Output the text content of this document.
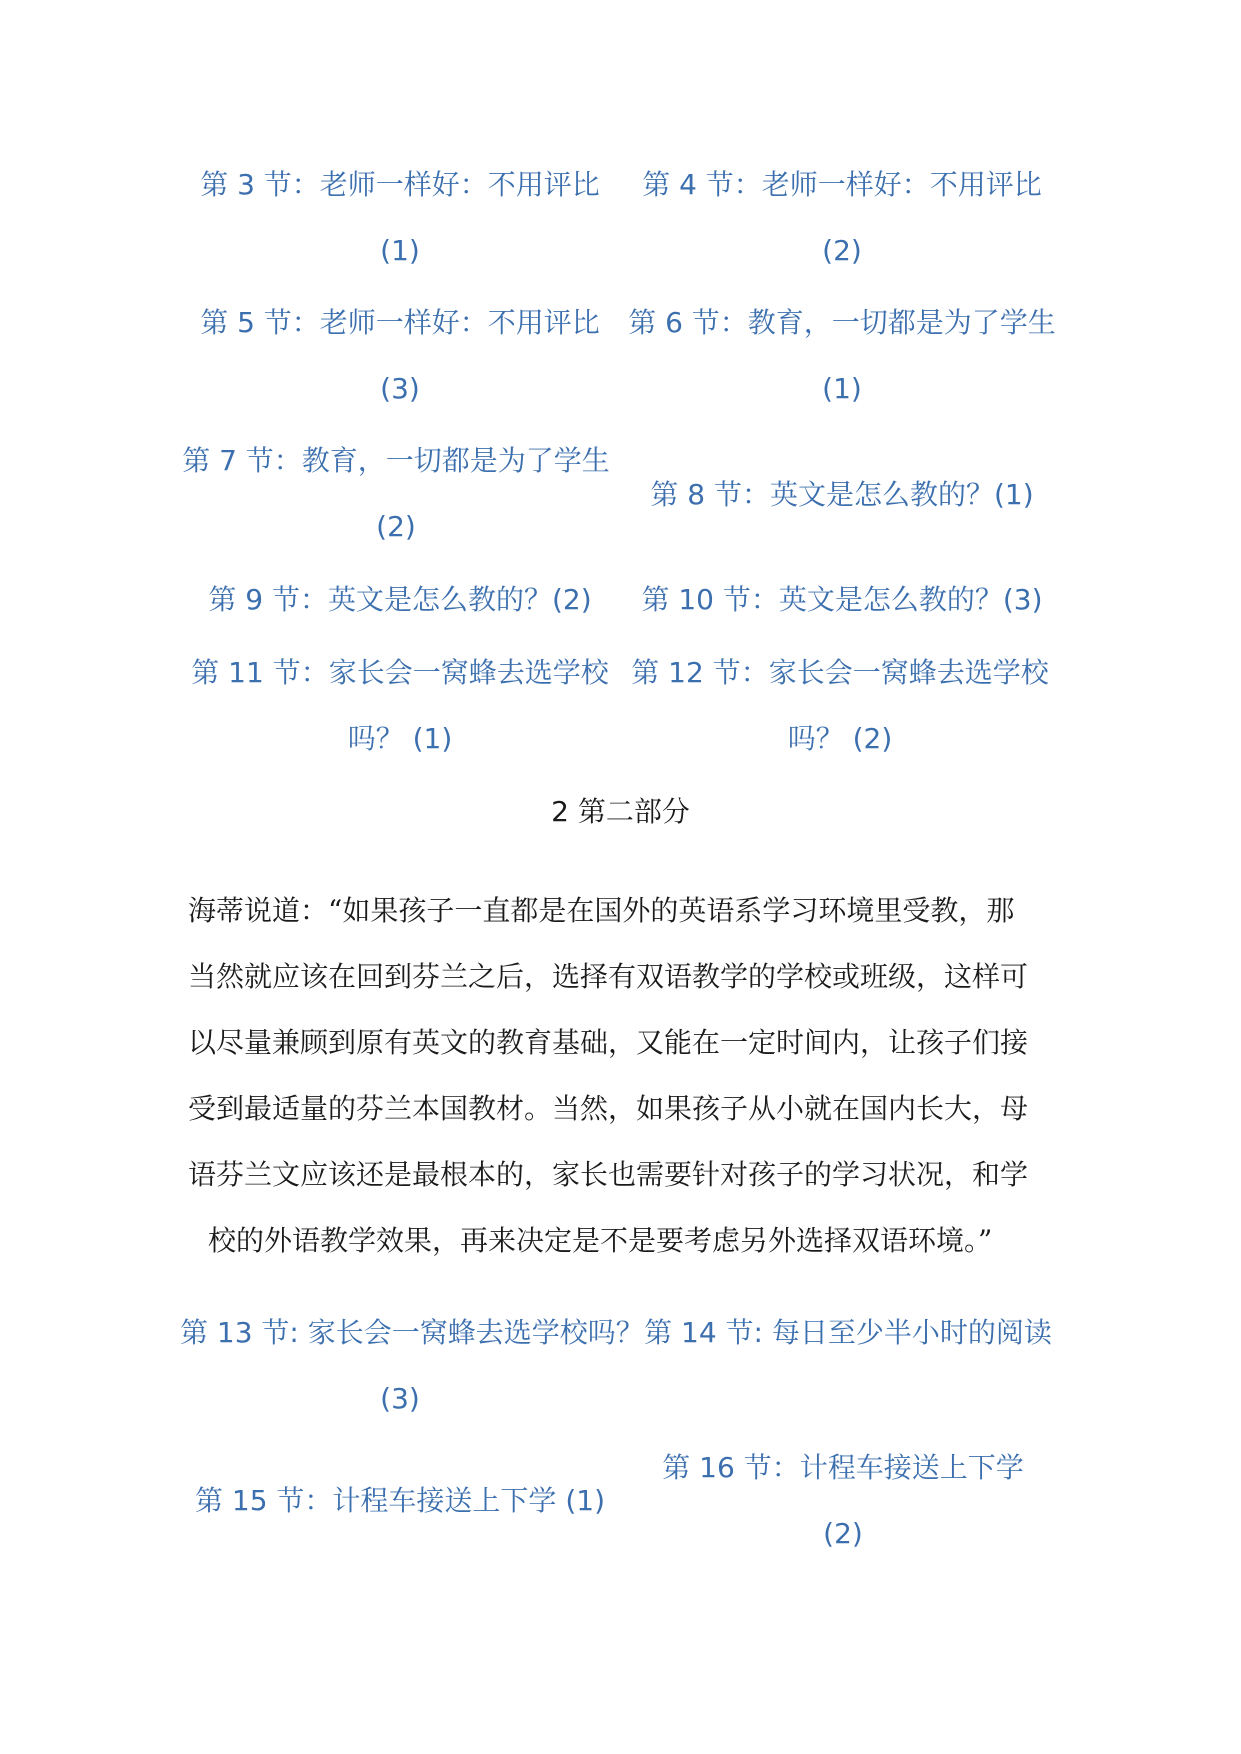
第 3 节：老师一样好：不用评比
(1)
第 4 节：老师一样好：不用评比
(2)
第 5 节：老师一样好：不用评比
(3)
第 6 节：教育，一切都是为了学生
(1)
第 7 节：教育，一切都是为了学生
(2)
第 8 节：英文是怎么教的？(1)
第 9 节：英文是怎么教的？(2)	第 10 节：英文是怎么教的？(3)
第 11 节：家长会一窝蜂去选学校
吗？ (1)
第 12 节：家长会一窝蜂去选学校
吗？ (2)
2 第二部分
海蒂说道：“如果孩子一直都是在国外的英语系学习环境里受教，那
当然就应该在回到芬兰之后，选择有双语教学的学校或班级，这样可
以尽量兼顾到原有英文的教育基础，又能在一定时间内，让孩子们接
受到最适量的芬兰本国教材。当然，如果孩子从小就在国内长大，母
语芬兰文应该还是最根本的，家长也需要针对孩子的学习状况，和学
校的外语教学效果，再来决定是不是要考虑另外选择双语环境。”
第 13 节: 家长会一窝蜂去选学校吗？
(3)
第 14 节: 每日至少半小时的阅读
第 15 节：计程车接送上下学 (1)
第 16 节：计程车接送上下学
(2)
